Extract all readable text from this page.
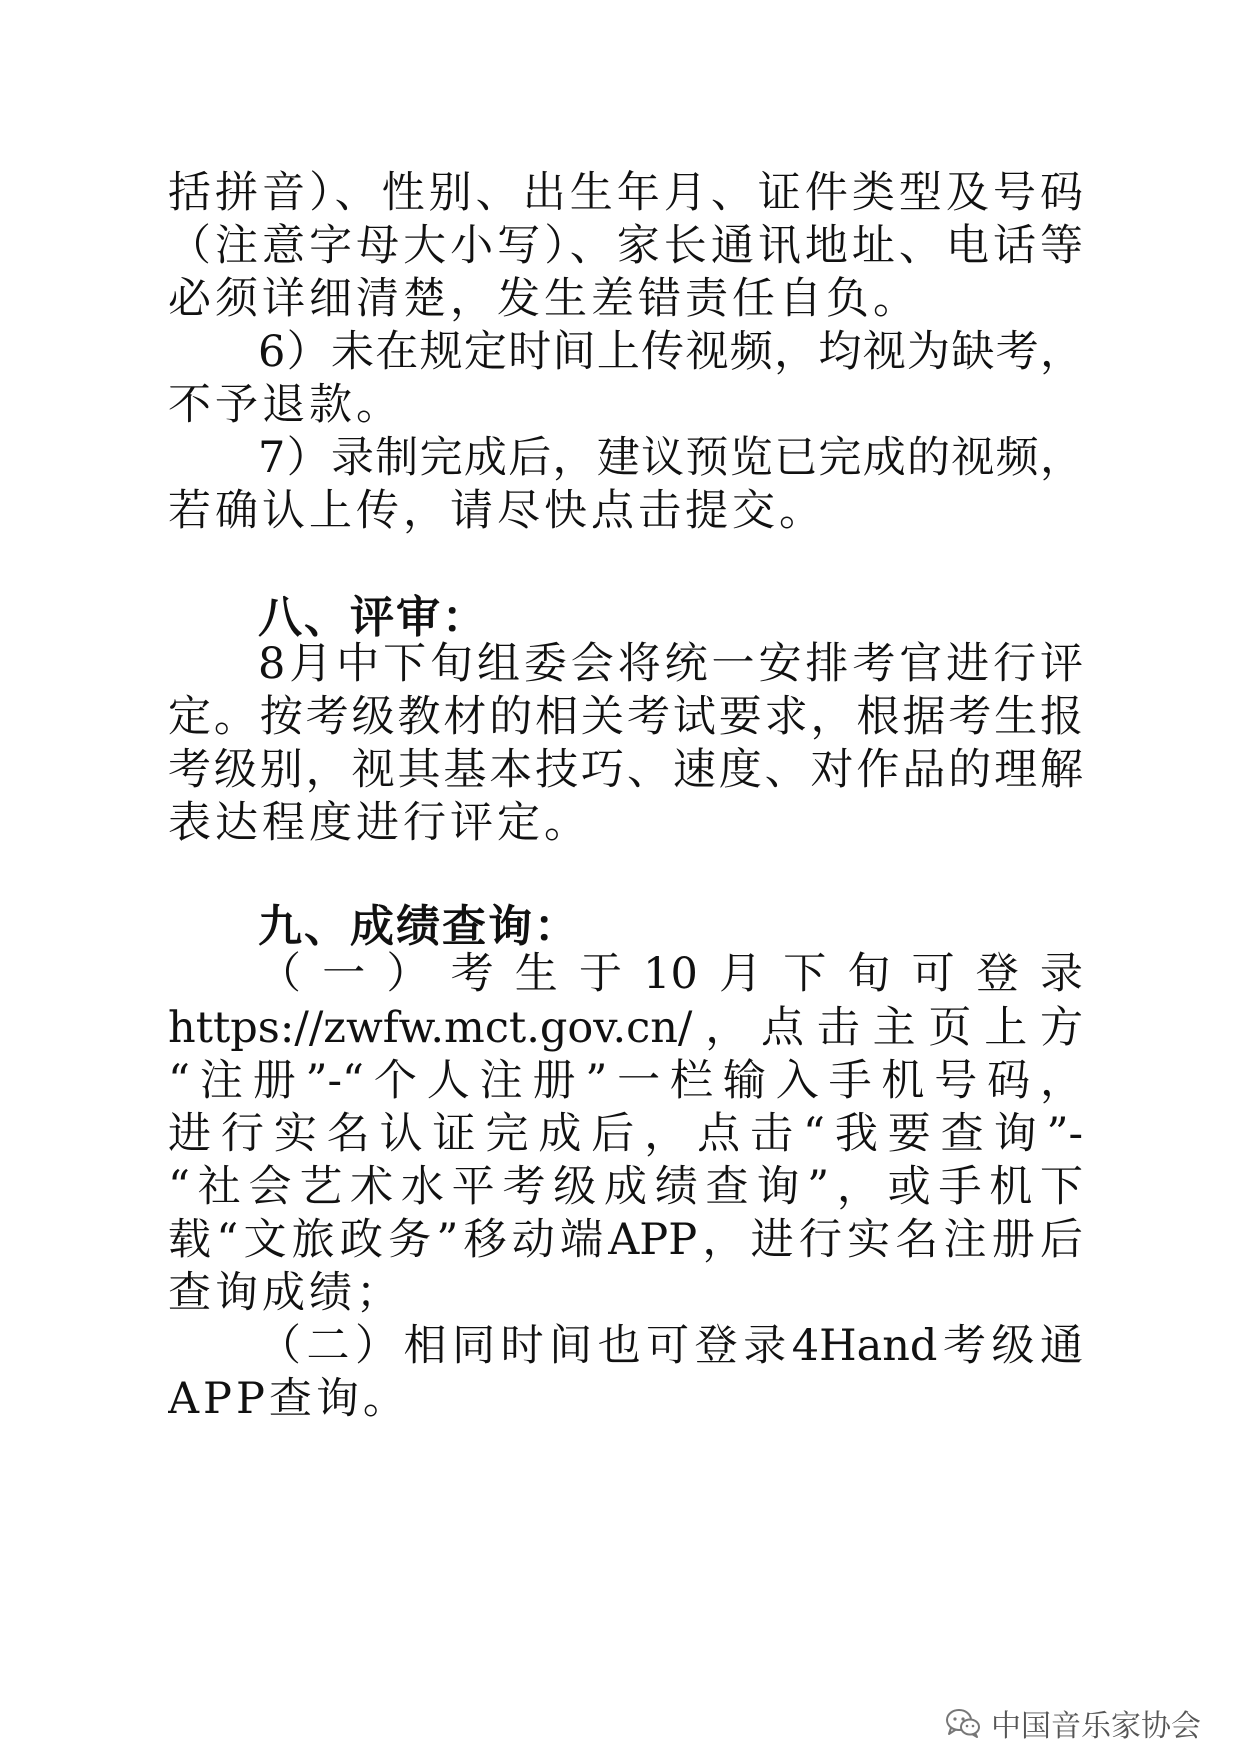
括拼音）、性别、出生年月、证件类型及号码
（注意字母大小写）、家长通讯地址、电话等
必须详细清楚，发生差错责任自负。
6）未在规定时间上传视频，均视为缺考，
不予退款。
7）录制完成后，建议预览已完成的视频，
若确认上传，请尽快点击提交。
八、评审：
8月中下旬组委会将统一安排考官进行评
定。按考级教材的相关考试要求，根据考生报
考级别，视其基本技巧、速度、对作品的理解
表达程度进行评定。
九、成绩查询：
（一）考生于10月下旬可登录
https://zwfw.mct.gov.cn/，点击主页上方
“注册”-“个人注册”一栏输入手机号码，
进行实名认证完成后，点击“我要查询”-
“社会艺术水平考级成绩查询”，或手机下
载“文旅政务”移动端APP，进行实名注册后
查询成绩；
（二）相同时间也可登录4Hand考级通
APP查询。
中国音乐家协会
